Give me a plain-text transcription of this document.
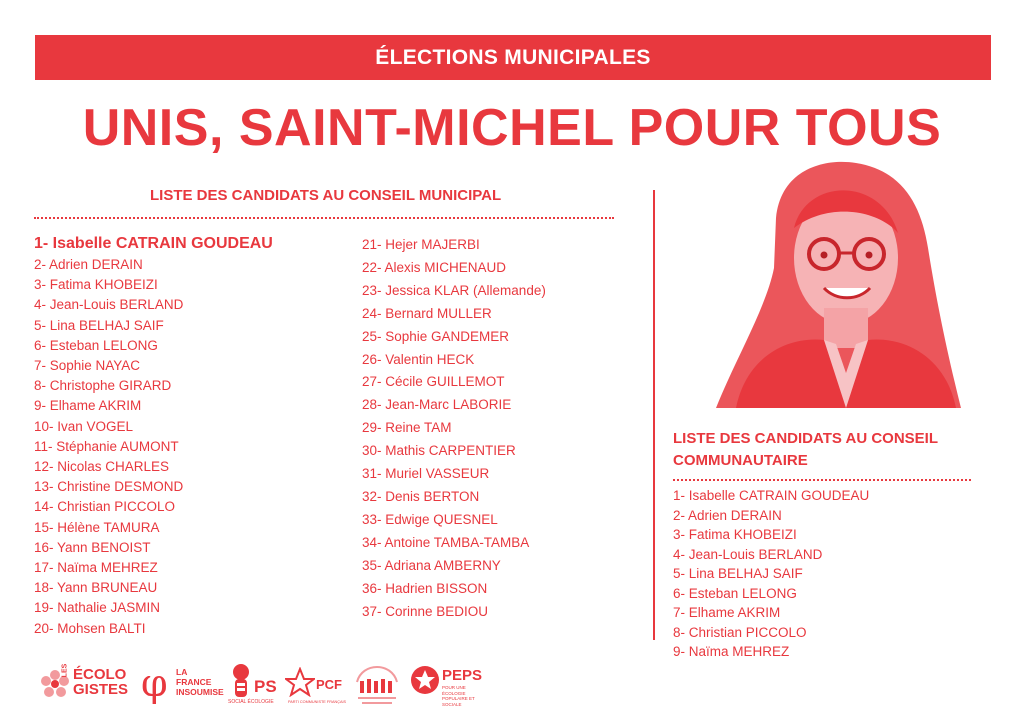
ÉLECTIONS MUNICIPALES
UNIS, SAINT-MICHEL POUR TOUS
LISTE DES CANDIDATS AU CONSEIL MUNICIPAL
1- Isabelle CATRAIN GOUDEAU
2- Adrien DERAIN
3- Fatima KHOBEIZI
4- Jean-Louis BERLAND
5- Lina BELHAJ SAIF
6- Esteban LELONG
7- Sophie NAYAC
8- Christophe GIRARD
9- Elhame AKRIM
10- Ivan VOGEL
11- Stéphanie AUMONT
12- Nicolas CHARLES
13- Christine DESMOND
14- Christian PICCOLO
15- Hélène TAMURA
16- Yann BENOIST
17- Naïma MEHREZ
18- Yann BRUNEAU
19- Nathalie JASMIN
20- Mohsen BALTI
21- Hejer MAJERBI
22- Alexis MICHENAUD
23- Jessica KLAR (Allemande)
24- Bernard MULLER
25- Sophie GANDEMER
26- Valentin HECK
27- Cécile GUILLEMOT
28- Jean-Marc LABORIE
29- Reine TAM
30- Mathis CARPENTIER
31- Muriel VASSEUR
32- Denis BERTON
33- Edwige QUESNEL
34- Antoine TAMBA-TAMBA
35- Adriana AMBERNY
36- Hadrien BISSON
37- Corinne BEDIOU
LISTE DES CANDIDATS AU CONSEIL
COMMUNAUTAIRE
1- Isabelle CATRAIN GOUDEAU
2- Adrien DERAIN
3- Fatima KHOBEIZI
4- Jean-Louis BERLAND
5- Lina BELHAJ SAIF
6- Esteban LELONG
7- Elhame AKRIM
8- Christian PICCOLO
9- Naïma MEHREZ
LES ÉCOLO
GISTES φ LA
FRANCE
INSOUMISE PS
SOCIAL ÉCOLOGIE
PCF
PARTI COMMUNISTE FRANÇAIS
PEPS
POUR UNE ÉCOLOGIE POPULAIRE ET SOCIALE
